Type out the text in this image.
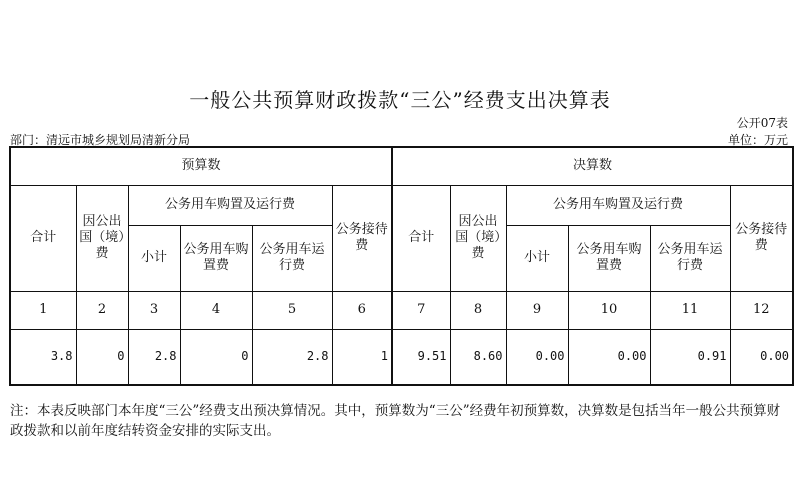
一般公共预算财政拨款“三公”经费支出决算表
公开07表
部门：清远市城乡规划局清新分局	单位：万元
预算数						决算数					
合计	因公出国（境）费	公务用车购置及运行费			公务接待费	合计	因公出国（境）费	公务用车购置及运行费			公务接待费
		小计	公务用车购置费	公务用车运行费				小计	公务用车购置费	公务用车运行费	
1	2	3	4	5	6	7	8	9	10	11	12
3.8	0	2.8	0	2.8	1	9.51	8.60	0.00	0.00	0.91	0.00
注：本表反映部门本年度“三公”经费支出预决算情况。其中，预算数为“三公”经费年初预算数，决算数是包括当年一般公共预算财政拨款和以前年度结转资金安排的实际支出。
